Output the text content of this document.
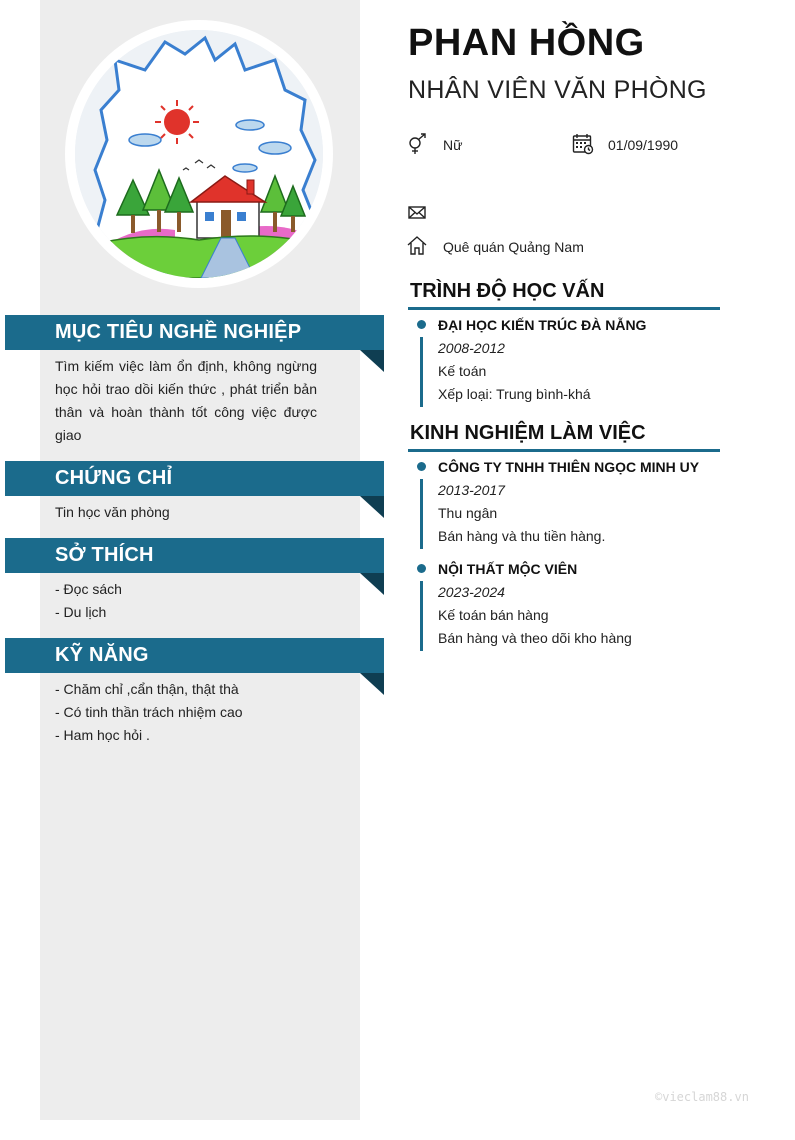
MỤC TIÊU NGHỀ NGHIỆP
Tìm kiếm việc làm ổn định, không ngừng học hỏi trao dồi kiến thức , phát triển bản thân và hoàn thành tốt công việc được giao
CHỨNG CHỈ
Tin học văn phòng
SỞ THÍCH
- Đọc sách
- Du lịch
KỸ NĂNG
- Chăm chỉ ,cẩn thận, thật thà
- Có tinh thần trách nhiệm cao
- Ham học hỏi .
PHAN HỒNG
NHÂN VIÊN VĂN PHÒNG
Nữ	01/09/1990
Quê quán Quảng Nam
TRÌNH ĐỘ HỌC VẤN
ĐẠI HỌC KIẾN TRÚC ĐÀ NẴNG
2008-2012
Kế toán
Xếp loại: Trung bình-khá
KINH NGHIỆM LÀM VIỆC
CÔNG TY TNHH THIÊN NGỌC MINH UY
2013-2017
Thu ngân
Bán hàng và thu tiền hàng.
NỘI THẤT MỘC VIÊN
2023-2024
Kế toán bán hàng
Bán hàng và theo dõi kho hàng
©vieclam88.vn
